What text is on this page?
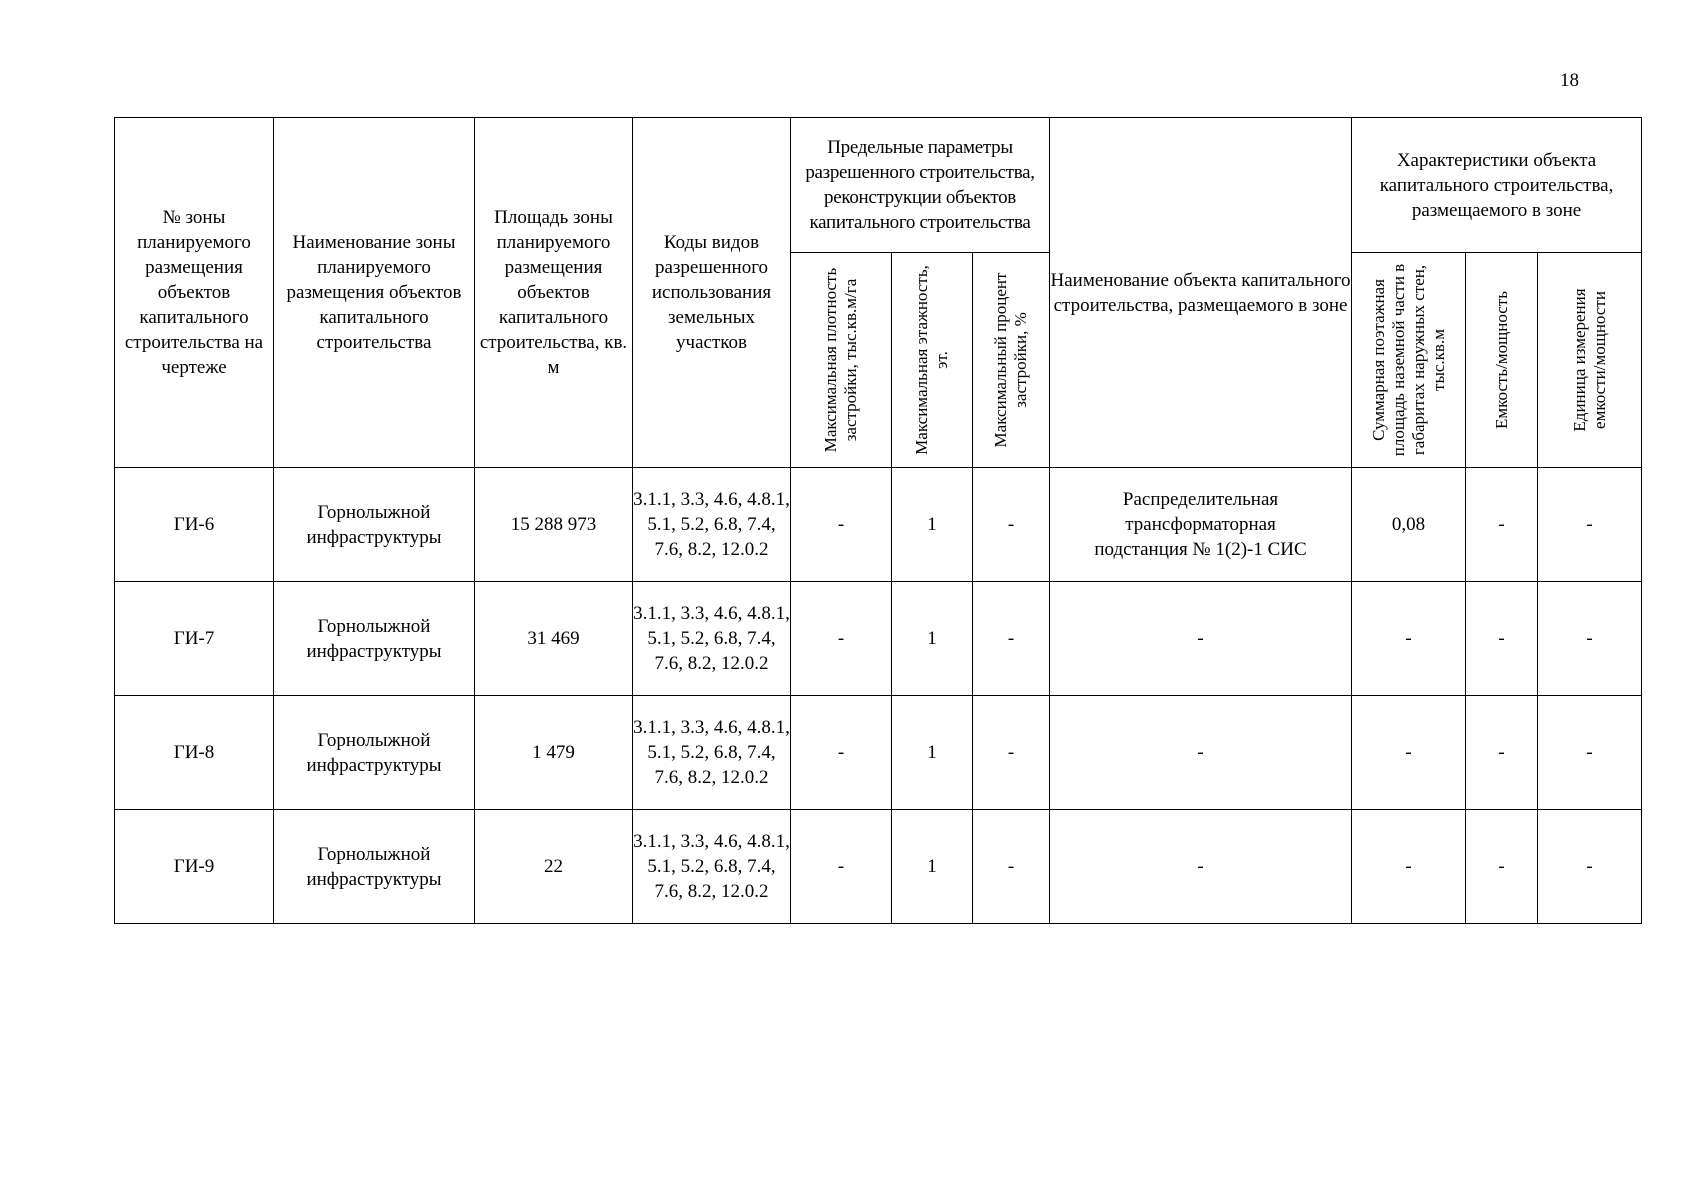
18
№ зоны планируемого размещения объектов капитального строительства на чертеже	Наименование зоны планируемого размещения объектов капитального строительства	Площадь зоны планируемого размещения объектов капитального строительства, кв. м	Коды видов разрешенного использования земельных участков	Предельные параметры разрешенного строительства, реконструкции объектов капитального строительства			Наименование объекта капитального строительства, размещаемого в зоне	Характеристики объекта капитального строительства, размещаемого в зоне		

				Максимальная плотность застройки, тыс.кв.м/га	Максимальная этажность, эт.	Максимальный процент застройки, %		Суммарная поэтажная площадь наземной части в габаритах наружных стен, тыс.кв.м	Емкость/мощность	Единица измерения емкости/мощности

ГИ-6	Горнолыжной инфраструктуры	15 288 973	3.1.1, 3.3, 4.6, 4.8.1, 5.1, 5.2, 6.8, 7.4, 7.6, 8.2, 12.0.2	-	1	-	Распределительная трансформаторная подстанция № 1(2)-1 СИС	0,08	-	-
ГИ-7	Горнолыжной инфраструктуры	31 469	3.1.1, 3.3, 4.6, 4.8.1, 5.1, 5.2, 6.8, 7.4, 7.6, 8.2, 12.0.2	-	1	-	-	-	-	-
ГИ-8	Горнолыжной инфраструктуры	1 479	3.1.1, 3.3, 4.6, 4.8.1, 5.1, 5.2, 6.8, 7.4, 7.6, 8.2, 12.0.2	-	1	-	-	-	-	-
ГИ-9	Горнолыжной инфраструктуры	22	3.1.1, 3.3, 4.6, 4.8.1, 5.1, 5.2, 6.8, 7.4, 7.6, 8.2, 12.0.2	-	1	-	-	-	-	-
